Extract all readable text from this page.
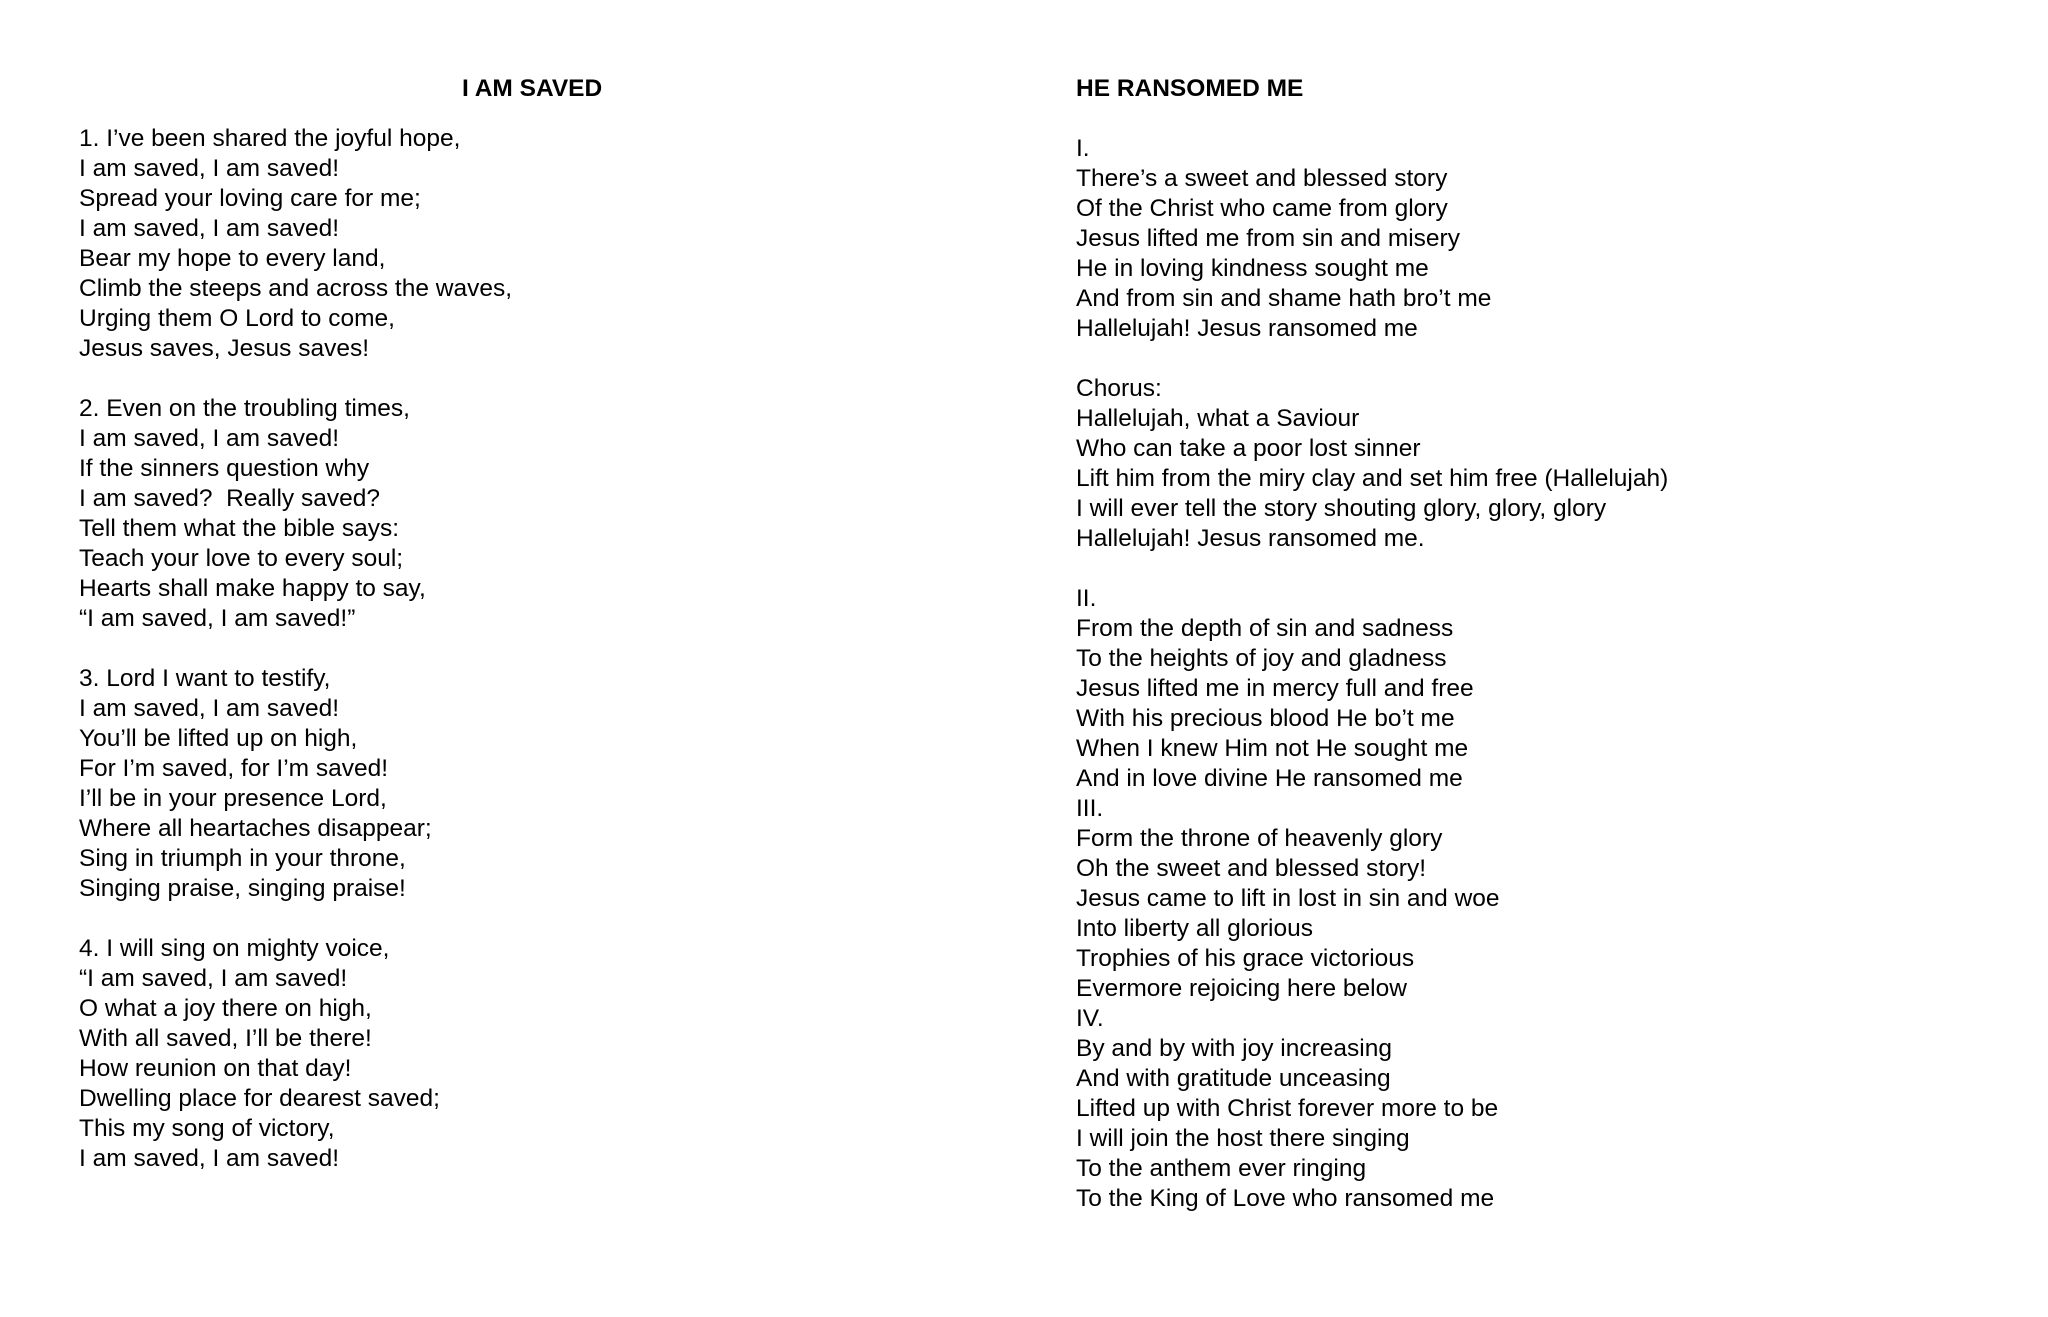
I AM SAVED
1. I’ve been shared the joyful hope,
I am saved, I am saved!
Spread your loving care for me;
I am saved, I am saved!
Bear my hope to every land,
Climb the steeps and across the waves,
Urging them O Lord to come,
Jesus saves, Jesus saves!
2. Even on the troubling times,
I am saved, I am saved!
If the sinners question why
I am saved?  Really saved?
Tell them what the bible says:
Teach your love to every soul;
Hearts shall make happy to say,
“I am saved, I am saved!”
3. Lord I want to testify,
I am saved, I am saved!
You’ll be lifted up on high,
For I’m saved, for I’m saved!
I’ll be in your presence Lord,
Where all heartaches disappear;
Sing in triumph in your throne,
Singing praise, singing praise!
4. I will sing on mighty voice,
“I am saved, I am saved!
O what a joy there on high,
With all saved, I’ll be there!
How reunion on that day!
Dwelling place for dearest saved;
This my song of victory,
I am saved, I am saved!
HE RANSOMED ME
I.
There’s a sweet and blessed story
Of the Christ who came from glory
Jesus lifted me from sin and misery
He in loving kindness sought me
And from sin and shame hath bro’t me
Hallelujah! Jesus ransomed me
Chorus:
Hallelujah, what a Saviour
Who can take a poor lost sinner
Lift him from the miry clay and set him free (Hallelujah)
I will ever tell the story shouting glory, glory, glory
Hallelujah! Jesus ransomed me.
II.
From the depth of sin and sadness
To the heights of joy and gladness
Jesus lifted me in mercy full and free
With his precious blood He bo’t me
When I knew Him not He sought me
And in love divine He ransomed me
III.
Form the throne of heavenly glory
Oh the sweet and blessed story!
Jesus came to lift in lost in sin and woe
Into liberty all glorious
Trophies of his grace victorious
Evermore rejoicing here below
IV.
By and by with joy increasing
And with gratitude unceasing
Lifted up with Christ forever more to be
I will join the host there singing
To the anthem ever ringing
To the King of Love who ransomed me
